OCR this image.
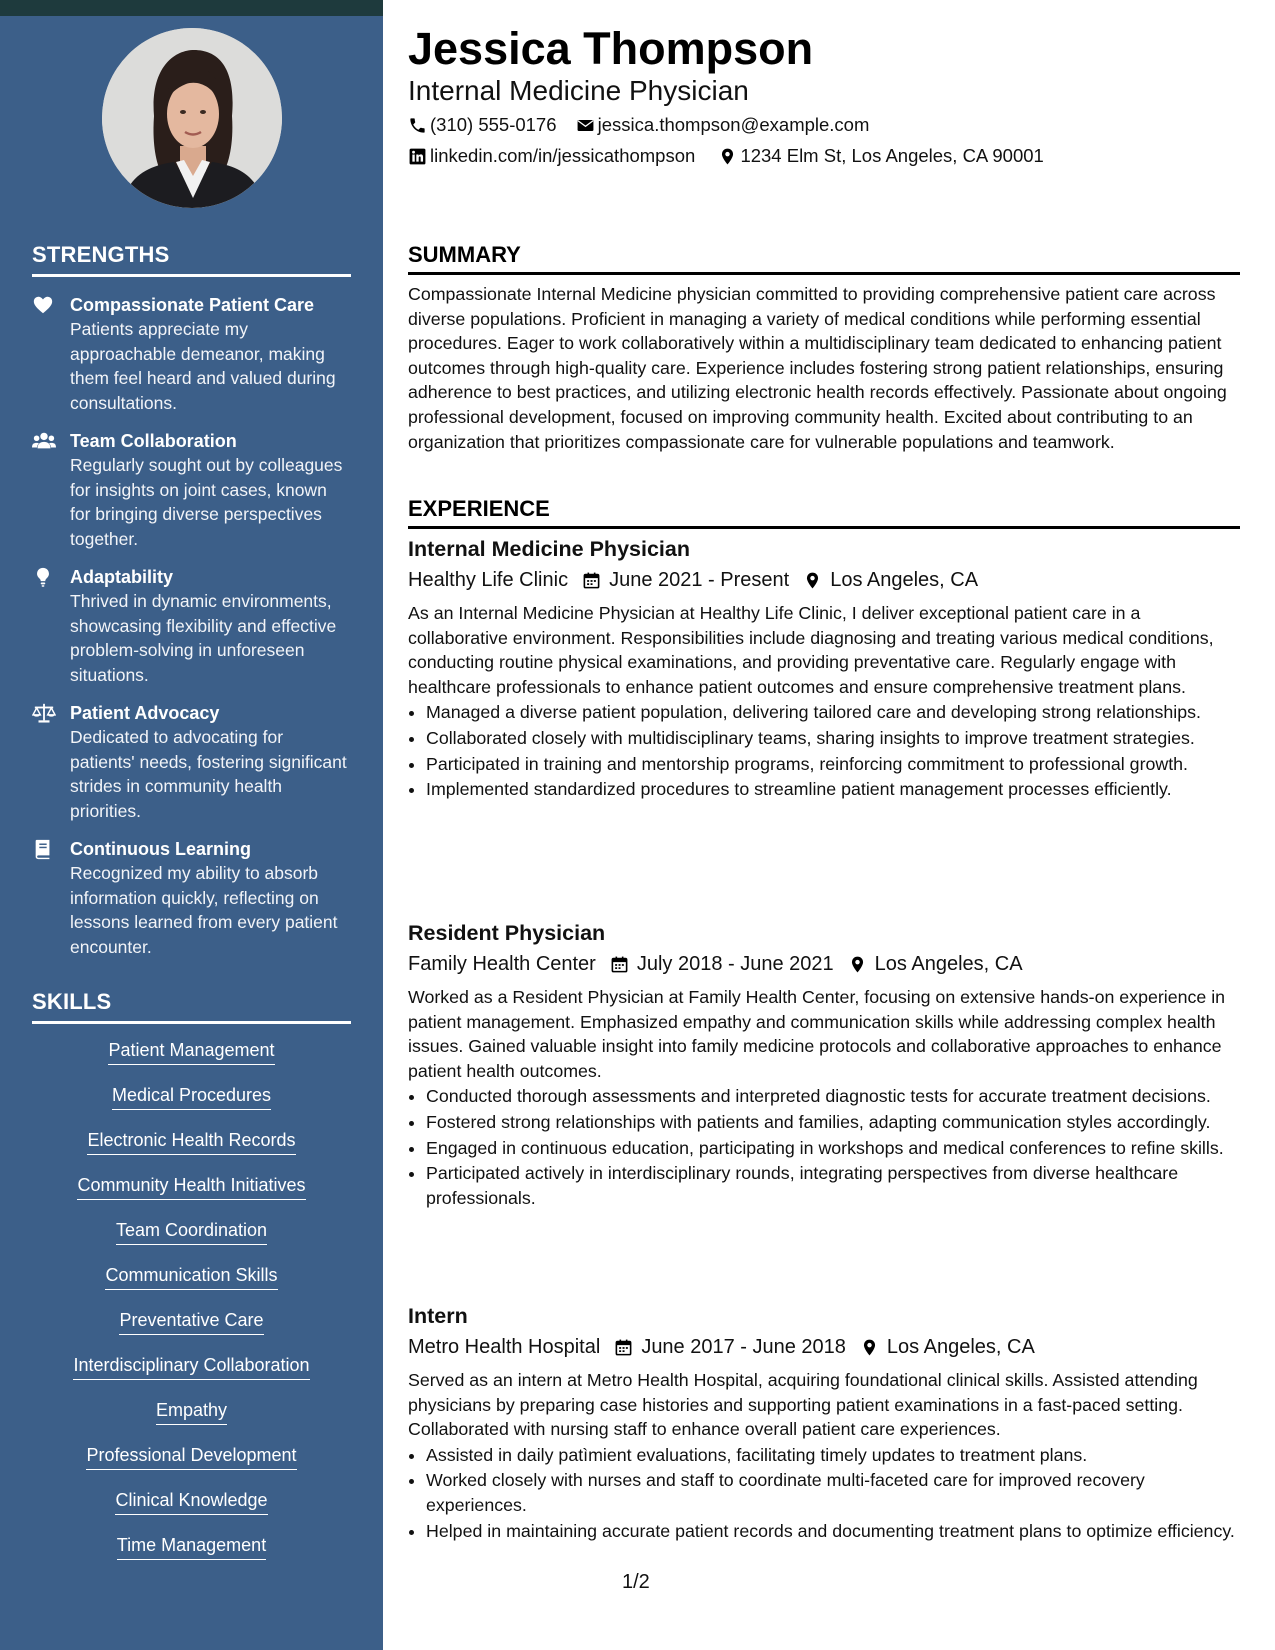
STRENGTHS
Compassionate Patient Care
Patients appreciate my approachable demeanor, making them feel heard and valued during consultations.
Team Collaboration
Regularly sought out by colleagues for insights on joint cases, known for bringing diverse perspectives together.
Adaptability
Thrived in dynamic environments, showcasing flexibility and effective problem-solving in unforeseen situations.
Patient Advocacy
Dedicated to advocating for patients' needs, fostering significant strides in community health priorities.
Continuous Learning
Recognized my ability to absorb information quickly, reflecting on lessons learned from every patient encounter.
SKILLS
Patient Management
Medical Procedures
Electronic Health Records
Community Health Initiatives
Team Coordination
Communication Skills
Preventative Care
Interdisciplinary Collaboration
Empathy
Professional Development
Clinical Knowledge
Time Management
Jessica Thompson
Internal Medicine Physician
(310) 555-0176
jessica.thompson@example.com
linkedin.com/in/jessicathompson
1234 Elm St, Los Angeles, CA 90001
SUMMARY

Compassionate Internal Medicine physician committed to providing comprehensive patient care across diverse populations. Proficient in managing a variety of medical conditions while performing essential procedures. Eager to work collaboratively within a multidisciplinary team dedicated to enhancing patient outcomes through high-quality care. Experience includes fostering strong patient relationships, ensuring adherence to best practices, and utilizing electronic health records effectively. Passionate about ongoing professional development, focused on improving community health. Excited about contributing to an organization that prioritizes compassionate care for vulnerable populations and teamwork.

EXPERIENCE
Internal Medicine Physician
Healthy Life Clinic June 2021 - Present Los Angeles, CA

As an Internal Medicine Physician at Healthy Life Clinic, I deliver exceptional patient care in a collaborative environment. Responsibilities include diagnosing and treating various medical conditions, conducting routine physical examinations, and providing preventative care. Regularly engage with healthcare professionals to enhance patient outcomes and ensure comprehensive treatment plans.

• Managed a diverse patient population, delivering tailored care and developing strong relationships.
• Collaborated closely with multidisciplinary teams, sharing insights to improve treatment strategies.
• Participated in training and mentorship programs, reinforcing commitment to professional growth.
• Implemented standardized procedures to streamline patient management processes efficiently.
Resident Physician
Family Health Center July 2018 - June 2021 Los Angeles, CA

Worked as a Resident Physician at Family Health Center, focusing on extensive hands-on experience in patient management. Emphasized empathy and communication skills while addressing complex health issues. Gained valuable insight into family medicine protocols and collaborative approaches to enhance patient health outcomes.

• Conducted thorough assessments and interpreted diagnostic tests for accurate treatment decisions.
• Fostered strong relationships with patients and families, adapting communication styles accordingly.
• Engaged in continuous education, participating in workshops and medical conferences to refine skills.
• Participated actively in interdisciplinary rounds, integrating perspectives from diverse healthcare professionals.
Intern
Metro Health Hospital June 2017 - June 2018 Los Angeles, CA

Served as an intern at Metro Health Hospital, acquiring foundational clinical skills. Assisted attending physicians by preparing case histories and supporting patient examinations in a fast-paced setting. Collaborated with nursing staff to enhance overall patient care experiences.

• Assisted in daily patìmient evaluations, facilitating timely updates to treatment plans.
• Worked closely with nurses and staff to coordinate multi-faceted care for improved recovery experiences.
• Helped in maintaining accurate patient records and documenting treatment plans to optimize efficiency.
1/2
